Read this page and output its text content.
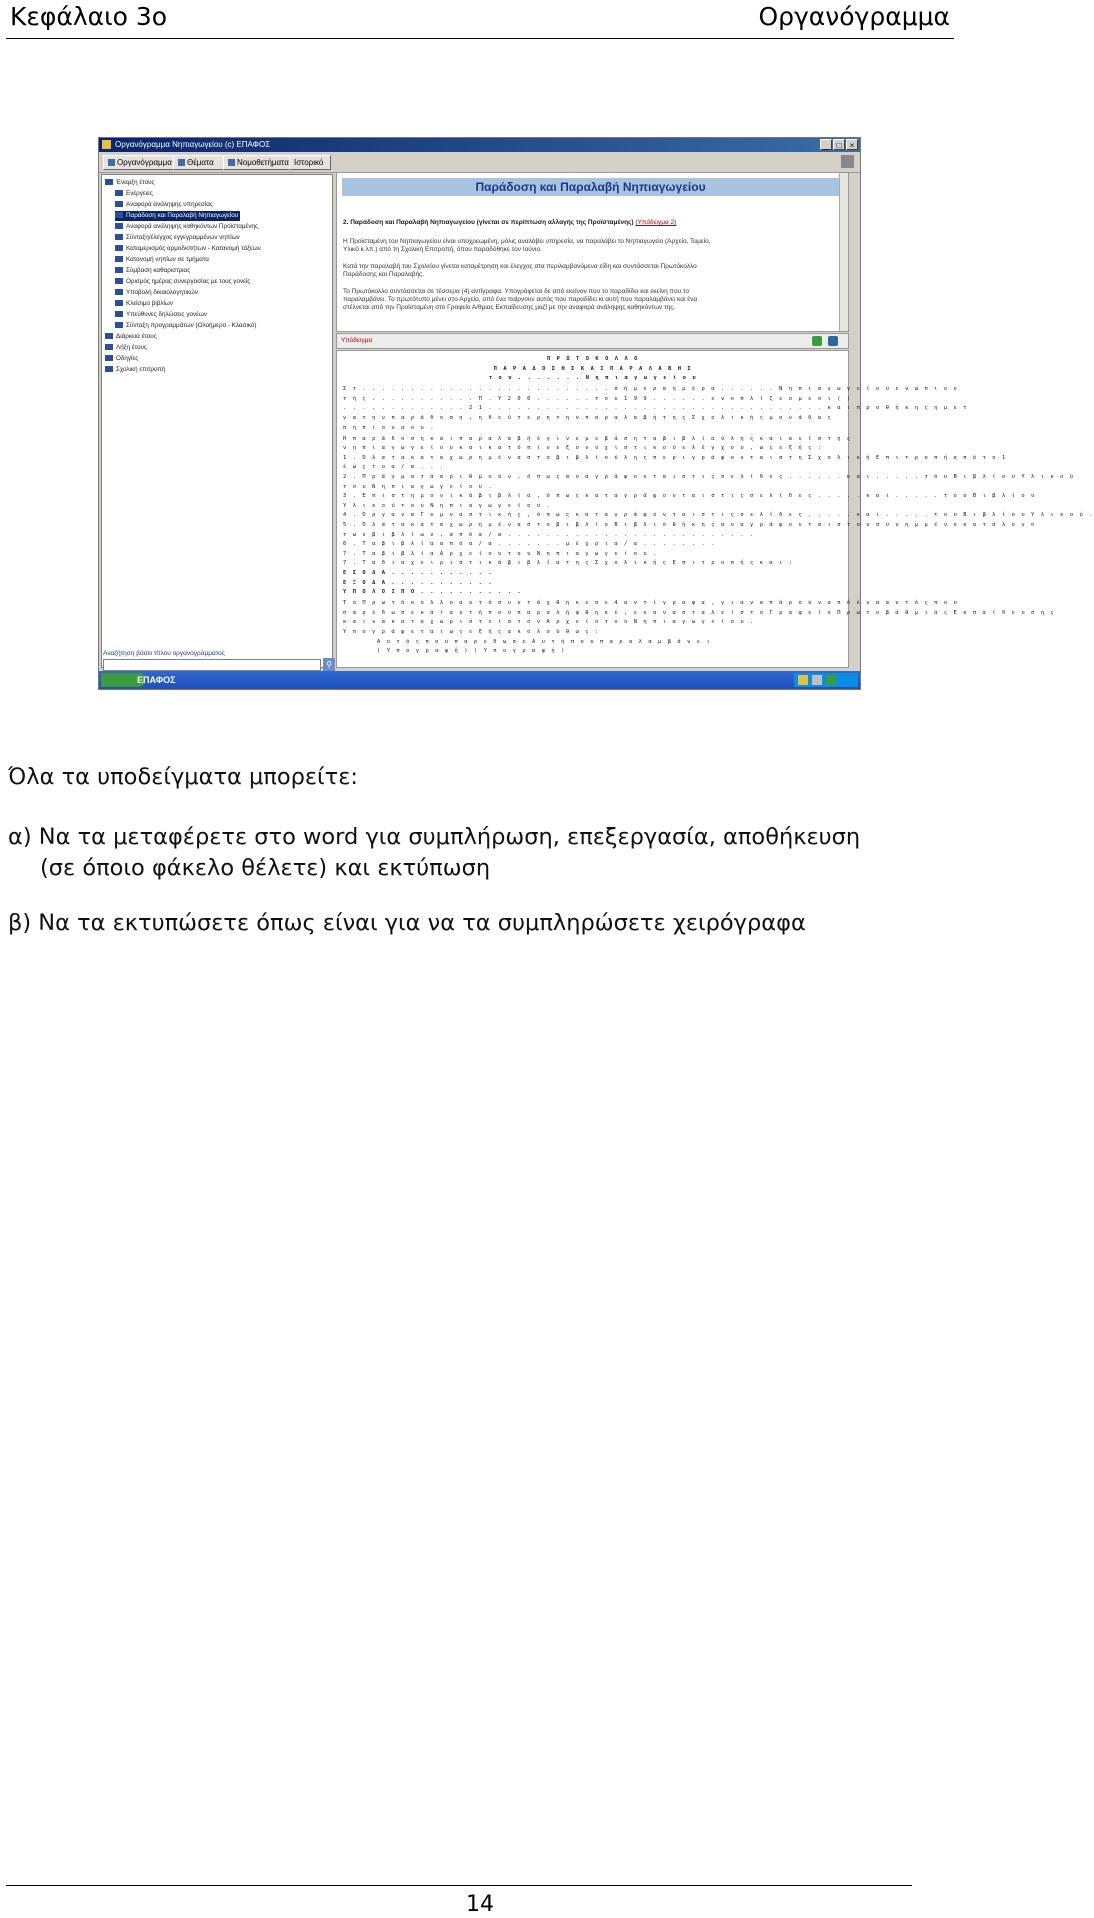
Κεφάλαιο 3ο	Οργανόγραμμα
Οργανόγραμμα Νηπιαγωγείου (c) ΕΠΑΦΟΣ	_ □ ×
Οργανόγραμμα	Θέματα	Νομοθετήματα Ιστορικό
Έναρξη έτους
Ενέργειες
Αναφορά ανάληψης υπηρεσίας
Παράδοση και Παραλαβή Νηπιαγωγείου
Αναφορά ανάληψης καθηκόντων Προϊσταμένης
Σύνταξη/έλεγχος εγγεγραμμένων νηπίων
Καταμερισμός αρμοδιοτήτων - Κατανομή τάξεων
Κατανομή νηπίων σε τμήματα
Σύμβαση καθαριστριας
Ορισμός ημέρας συνεργασίας με τους γονείς
Υποβολή δικαιολογητικών
Κλείσιμο βιβλίων
Υπεύθυνες δηλώσεις γονέων
Σύνταξη προγραμμάτων (Ολοήμερο - Κλασικό)
Διάρκεια έτους
Λήξη έτους
Οδηγίες
Σχολική επιτροπή
Αναζήτηση βάσει τίτλου οργανογράμματος
⚲
Παράδοση και Παραλαβή Νηπιαγωγείου
2. Παράδοση και Παραλαβή Νηπιαγωγείου (γίνεται σε περίπτωση αλλαγής της Προϊσταμένης) (Υπόδειγμα 2)
Η Προϊσταμένη του Νηπιαγωγείου είναι υποχρεωμένη, μόλις αναλάβει υπηρεσία, να παραλάβει το Νηπιαγωγείο (Αρχείο, Ταμείο,
Υλικό κ.λπ.) από τη Σχολική Επιτροπή, όπου παραδόθηκε τον Ιούνιο.
Κατά την παραλαβή του Σχολείου γίνεται καταμέτρηση και έλεγχος στα περιλαμβανόμενα είδη και συντάσσεται Πρωτόκολλο
Παράδοσης και Παραλαβής.
Το Πρωτόκολλο συντάσσεται σε τέσσερα (4) αντίγραφα. Υπογράφεται δε από εκείνον που το παραδίδει και εκείνη που το
παραλαμβάνει. Το πρωτότυπο μένει στο Αρχείο, από ένα παίρνουν αυτός που παραδίδει κι αυτή που παραλαμβάνει και ένα
στέλνεται από την Προϊσταμένη στο Γραφείο Α/θμιας Εκπαίδευσης μαζί με την αναφορά ανάληψης καθηκόντων της.
Υπόδειγμα
Π Ρ Ω Τ Ο Κ Ο Λ Λ Ο
Π Α Ρ Α Δ Ο Σ Η Σ Κ Α Ι Π Α Ρ Α Λ Α Β Η Σ
τ ο υ . . . . . . . Ν η π ι α γ ω γ ε ί ο υ
Σ τ . . . . . . . . . . . . . . . . . . . . . . . . . . σ ή μ ε ρ α η μ έ ρ α . . . . . . Ν η π ι α γ ω γ ε ί ο υ ε ν ώ π ι ο ν
τ ή ς . . . . . . . . . . . Π . Υ 2 0 0 . . . . . . τ ο υ 1 9 9 . . . . . . ε ν ο π λ ί ζ ε ο μ ε ο ι ( )
. . . . . . . . . . . . . 2 1 . . . . . . . . . . . . . . . . . . . . . . . . . . . . . . . . . . . κ α ι π ρ ο θ ή κ η ς η μ ε τ
ν α τ η ν π α ρ ά δ ο σ η , η δ ε ύ τ ε ρ η τ η ν π α ρ α λ α β ή τ η ς Σ χ ο λ ι κ ή ς μ ο ν ά δ α ς
π η π ι ο ν α ο υ .
Η π α ρ ά δ ο σ η κ α ι π α ρ α λ α β ή έ γ ι ν ε μ ε β ά σ η τ α β ι β λ ί α ύ λ η ς κ α ι α ν ί σ τ η ς
ν η π ι α γ ω γ ε ί ο υ κ α ι κ α τ ό π ι ν ε ξ ο ν υ χ ι σ τ ι κ ο ύ ε λ έ γ χ ο υ , ω ς ε ξ ή ς :
1 . Ό λ α τ α κ α τ α χ ω ρ η μ έ ν α σ τ ο β ι β λ ί ο ύ λ η ς π ε ρ ι γ ρ ά φ ο ν τ α ι σ τ η Σ χ ο λ ι κ ή Ε π ι τ ρ ο π ή α π ό τ ο 1
έ ω ς τ ο α / α . . .
2 . Π ρ ά γ μ α τ α α ρ ι θ μ ο ύ ν , ό π ω ς α ν α γ ρ ά φ ο ν τ α ι σ τ ι ς σ ε λ ί δ ε ς . . . . . . κ α ι . . . . . τ ο υ Β ι β λ ί ο υ Υ λ ι κ ο ύ
τ ο υ Ν η π ι α γ ω γ ε ί ο υ .
3 . Ε π ι σ τ η μ ο ν ι κ ά β ι β λ ί α , ό π ω ς κ α τ α γ ρ ά φ ο ν τ α ι σ τ ι ς σ ε λ ί δ ε ς . . . . . κ α ι . . . . . τ ο υ Β ι β λ ί ο υ
Υ λ ι κ ο ύ τ ο υ Ν η π ι α γ ω γ ε ί ο υ .
4 . Ό ρ γ α ν α Γ υ μ ν α σ τ ι κ ή ς , ό π ω ς κ α τ α γ ρ ά φ ο ν τ α ι σ τ ι ς σ ε λ ί δ ε ς . . . . . κ α ι . . . . . τ ο υ Β ι β λ ί ο υ Υ λ ι κ ο ύ .
5 . Ό λ α τ α κ α τ α χ ω ρ η μ έ ν α σ τ ο β ι β λ ί ο Β ι β λ ι ο θ ή κ η ς α ν α γ ρ ά φ ο ν τ α ι σ τ ο ν σ υ ν η μ μ έ ν ο κ α τ ά λ ο γ ο
τ ω ν β ι β λ ί ω ν , α π ό α / α . . . . . . . . . . . . . . . . . . . . . . . . . .
6 . Τ α β ι β λ ί α α π ό α / α . . . . . . . μ έ χ ρ ι α / α . . . . . . . .
7 . Τ α β ι β λ ί α Α ρ χ ε ί ο υ τ ο υ Ν η π ι α γ ω γ ε ί ο υ .
7 . Τ α δ ι α χ ε ι ρ ι σ τ ι κ ά β ι β λ ί α τ η ς Σ χ ο λ ι κ ή ς Ε π ι τ ρ ο π ή ς κ α ι :
Ε Σ Ο Δ Α . . . . . . . . . . .
Ε Ξ Ο Δ Α . . . . . . . . . . .
Υ Π Ο Λ Ο Ι Π Ο . . . . . . . . . . .
Τ ο Π ρ ω τ ό κ ο λ λ ο α υ τ ό σ υ ν τ ά χ θ η κ ε σ ε 4 α ν τ ί γ ρ α φ α , γ ι α ν α π ά ρ ο υ ν α π ό έ ν α α υ τ ό ς π ο υ
π α ρ έ δ ω σ ε κ α ι α υ τ ή π ο υ π α ρ α λ ή φ θ η κ ε , ε ν α ν α σ τ α λ ε ί σ τ ο Γ ρ α φ ε ί ο Π ρ ω τ ο β ά θ μ ι α ς Ε κ π α ί δ ε υ σ η ς
κ α ι ν α κ α τ α χ ω ρ ι σ τ ε ί σ τ ο ν Α ρ χ ε ί ο τ ο υ Ν η π ι α γ ω γ ε ί ο υ .
Υ π ο γ ρ ά φ ε τ α ι ω ς ε ξ ή ς α κ ο λ ο ύ θ ω ς :
Α υ τ ό ς π ο υ π α ρ ε δ ω σ ε Α υ τ ή π ο υ π α ρ α λ α μ β ά ν ε ι
( Υ π ο γ ρ α φ ή ) ( Υ π ο γ ρ α φ ή )
ΕΠΑΦΟΣ
Όλα τα υποδείγματα μπορείτε:
α) Να τα μεταφέρετε στο word για συμπλήρωση, επεξεργασία, αποθήκευση
(σε όποιο φάκελο θέλετε) και εκτύπωση
β) Να τα εκτυπώσετε όπως είναι για να τα συμπληρώσετε χειρόγραφα
14
